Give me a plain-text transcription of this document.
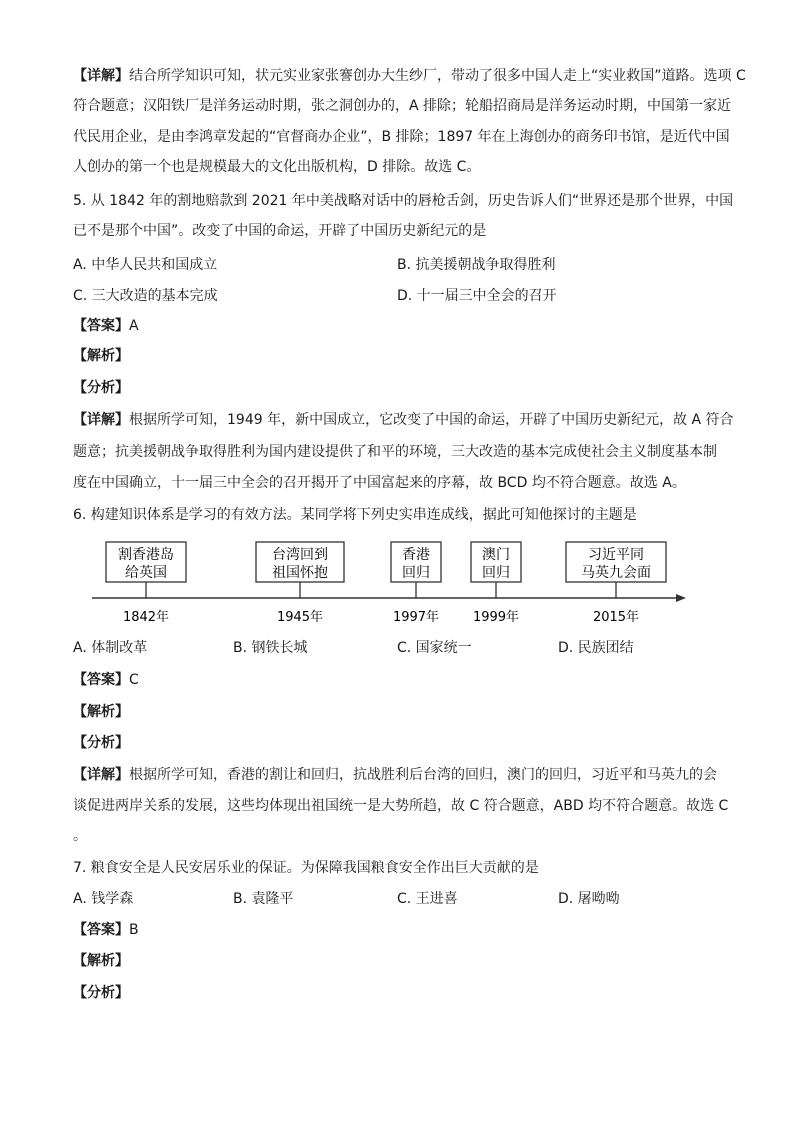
【详解】结合所学知识可知，状元实业家张謇创办大生纱厂，带动了很多中国人走上“实业救国”道路。选项 C
符合题意；汉阳铁厂是洋务运动时期，张之洞创办的，A 排除；轮船招商局是洋务运动时期，中国第一家近
代民用企业，是由李鸿章发起的“官督商办企业”，B 排除；1897 年在上海创办的商务印书馆，是近代中国
人创办的第一个也是规模最大的文化出版机构，D 排除。故选 C。
5. 从 1842 年的割地赔款到 2021 年中美战略对话中的唇枪舌剑，历史告诉人们“世界还是那个世界，中国
已不是那个中国”。改变了中国的命运，开辟了中国历史新纪元的是
A. 中华人民共和国成立	B. 抗美援朝战争取得胜利
C. 三大改造的基本完成	D. 十一届三中全会的召开
【答案】A
【解析】
【分析】
【详解】根据所学可知，1949 年，新中国成立，它改变了中国的命运，开辟了中国历史新纪元，故 A 符合
题意；抗美援朝战争取得胜利为国内建设提供了和平的环境，三大改造的基本完成使社会主义制度基本制
度在中国确立，十一届三中全会的召开揭开了中国富起来的序幕，故 BCD 均不符合题意。故选 A。
6. 构建知识体系是学习的有效方法。某同学将下列史实串连成线，据此可知他探讨的主题是
割香港岛
给英国
1842年
台湾回到
祖国怀抱
1945年
香港
回归
1997年
澳门
回归
1999年
习近平同
马英九会面
2015年
A. 体制改革	B. 钢铁长城	C. 国家统一	D. 民族团结
【答案】C
【解析】
【分析】
【详解】根据所学可知，香港的割让和回归，抗战胜利后台湾的回归，澳门的回归，习近平和马英九的会
谈促进两岸关系的发展，这些均体现出祖国统一是大势所趋，故 C 符合题意，ABD 均不符合题意。故选 C
。
7. 粮食安全是人民安居乐业的保证。为保障我国粮食安全作出巨大贡献的是
A. 钱学森	B. 袁隆平	C. 王进喜	D. 屠呦呦
【答案】B
【解析】
【分析】
